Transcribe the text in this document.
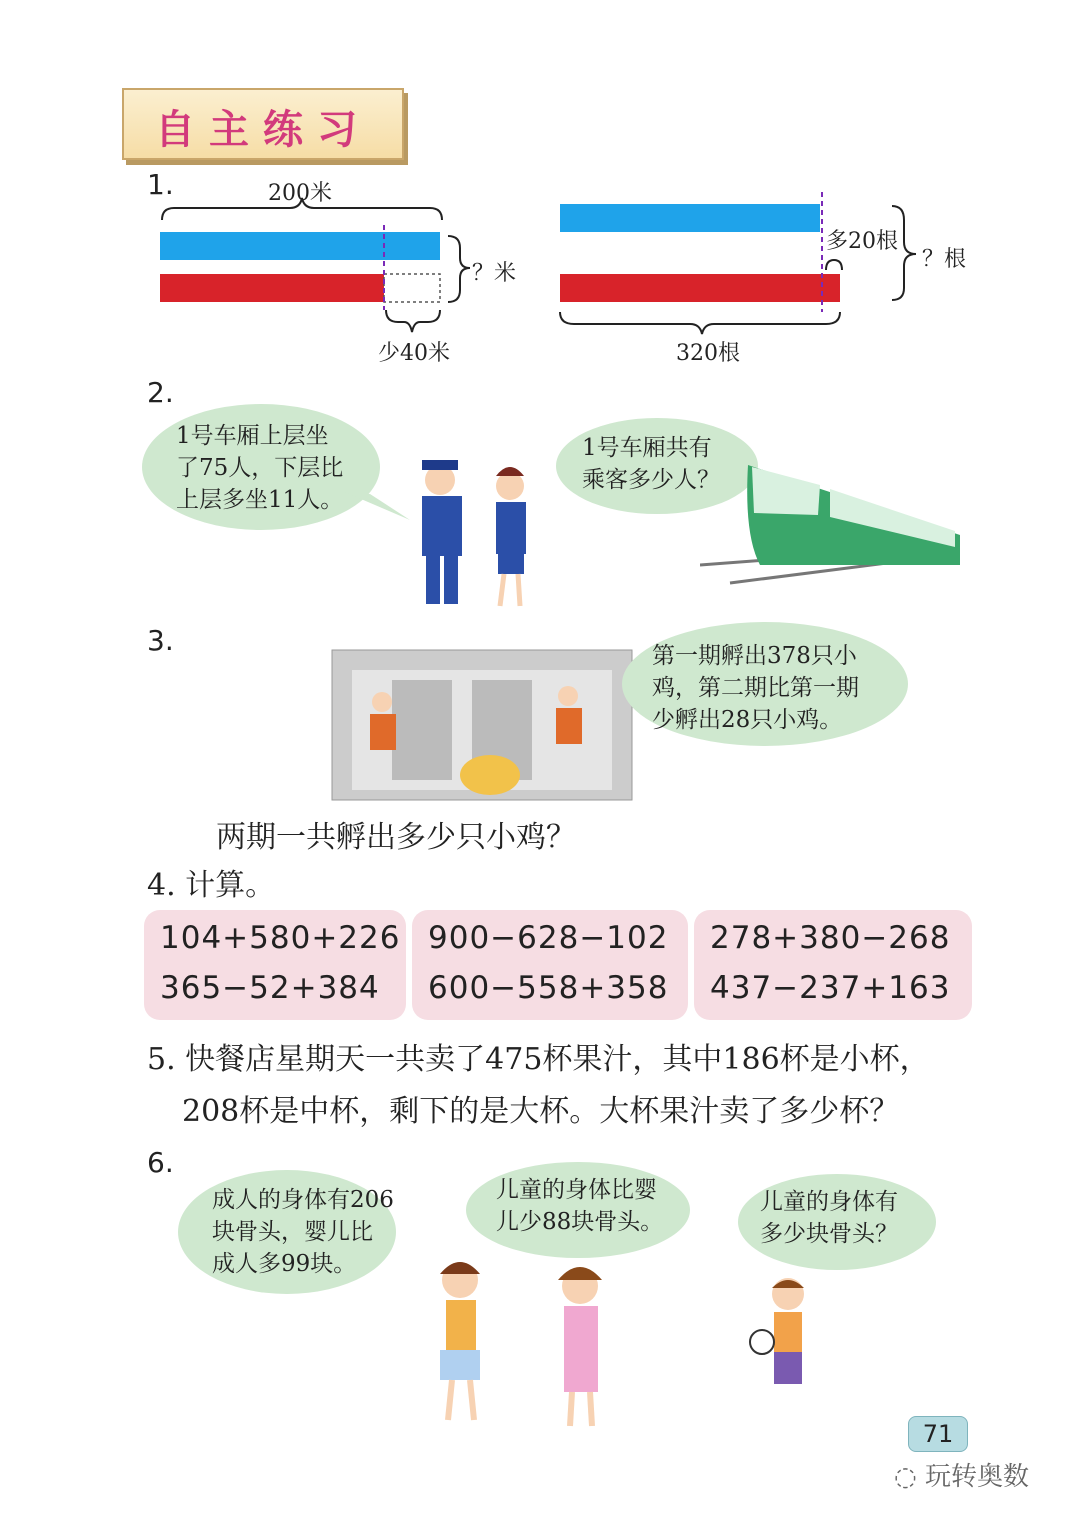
自主练习
1.	200米
？米
少40米
多20根
？根
320根
2.
1号车厢上层坐
了75人，下层比
上层多坐11人。
1号车厢共有
乘客多少人？
3.	第一期孵出378只小
鸡，第二期比第一期
少孵出28只小鸡。
两期一共孵出多少只小鸡？
4. 计算。
104+580+226
365−52+384
900−628−102
600−558+358
278+380−268
437−237+163
5. 快餐店星期天一共卖了475杯果汁，其中186杯是小杯，
208杯是中杯，剩下的是大杯。大杯果汁卖了多少杯？
6.
成人的身体有206
块骨头，婴儿比
成人多99块。
儿童的身体比婴
儿少88块骨头。
儿童的身体有
多少块骨头？
71
◌ 玩转奥数
